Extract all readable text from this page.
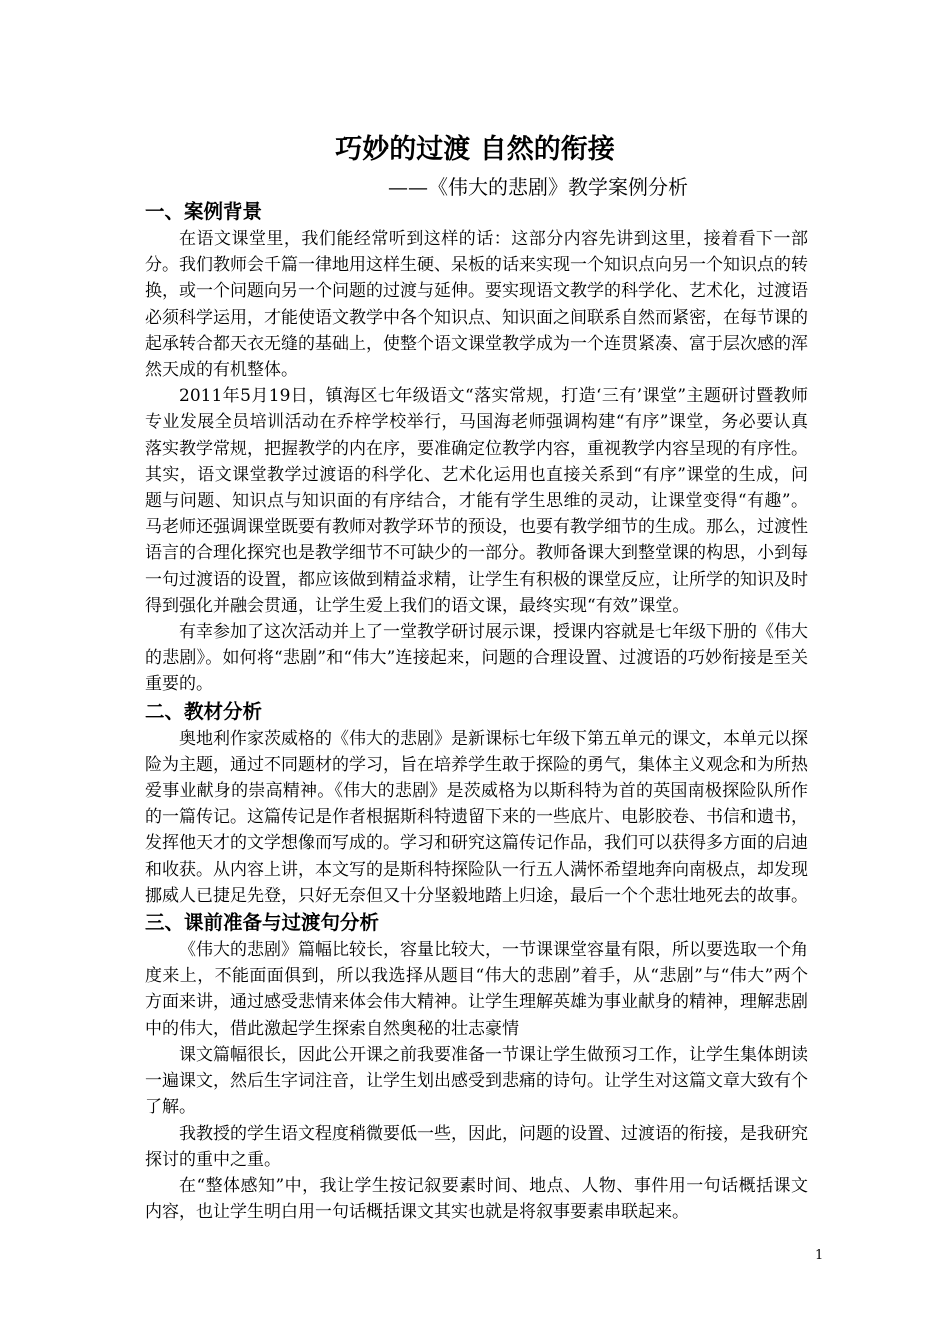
巧妙的过渡 自然的衔接

——《伟大的悲剧》教学案例分析

一、案例背景

在语文课堂里，我们能经常听到这样的话：这部分内容先讲到这里，接着看下一部分。我们教师会千篇一律地用这样生硬、呆板的话来实现一个知识点向另一个知识点的转换，或一个问题向另一个问题的过渡与延伸。要实现语文教学的科学化、艺术化，过渡语必须科学运用，才能使语文教学中各个知识点、知识面之间联系自然而紧密，在每节课的起承转合都天衣无缝的基础上，使整个语文课堂教学成为一个连贯紧凑、富于层次感的浑然天成的有机整体。

2011年5月19日，镇海区七年级语文“落实常规，打造‘三有’课堂”主题研讨暨教师专业发展全员培训活动在乔梓学校举行，马国海老师强调构建“有序”课堂，务必要认真落实教学常规，把握教学的内在序，要准确定位教学内容，重视教学内容呈现的有序性。其实，语文课堂教学过渡语的科学化、艺术化运用也直接关系到“有序”课堂的生成，问题与问题、知识点与知识面的有序结合，才能有学生思维的灵动，让课堂变得“有趣”。马老师还强调课堂既要有教师对教学环节的预设，也要有教学细节的生成。那么，过渡性语言的合理化探究也是教学细节不可缺少的一部分。教师备课大到整堂课的构思，小到每一句过渡语的设置，都应该做到精益求精，让学生有积极的课堂反应，让所学的知识及时得到强化并融会贯通，让学生爱上我们的语文课，最终实现“有效”课堂。

有幸参加了这次活动并上了一堂教学研讨展示课，授课内容就是七年级下册的《伟大的悲剧》。如何将“悲剧”和“伟大”连接起来，问题的合理设置、过渡语的巧妙衔接是至关重要的。

二、教材分析

奥地利作家茨威格的《伟大的悲剧》是新课标七年级下第五单元的课文，本单元以探险为主题，通过不同题材的学习，旨在培养学生敢于探险的勇气，集体主义观念和为所热爱事业献身的崇高精神。《伟大的悲剧》是茨威格为以斯科特为首的英国南极探险队所作的一篇传记。这篇传记是作者根据斯科特遗留下来的一些底片、电影胶卷、书信和遗书，发挥他天才的文学想像而写成的。学习和研究这篇传记作品，我们可以获得多方面的启迪和收获。从内容上讲，本文写的是斯科特探险队一行五人满怀希望地奔向南极点，却发现挪威人已捷足先登，只好无奈但又十分坚毅地踏上归途，最后一个个悲壮地死去的故事。

三、课前准备与过渡句分析

《伟大的悲剧》篇幅比较长，容量比较大，一节课课堂容量有限，所以要选取一个角度来上，不能面面俱到，所以我选择从题目“伟大的悲剧”着手，从“悲剧”与“伟大”两个方面来讲，通过感受悲情来体会伟大精神。让学生理解英雄为事业献身的精神，理解悲剧中的伟大，借此激起学生探索自然奥秘的壮志豪情

课文篇幅很长，因此公开课之前我要准备一节课让学生做预习工作，让学生集体朗读一遍课文，然后生字词注音，让学生划出感受到悲痛的诗句。让学生对这篇文章大致有个了解。

我教授的学生语文程度稍微要低一些，因此，问题的设置、过渡语的衔接，是我研究探讨的重中之重。

在“整体感知”中，我让学生按记叙要素时间、地点、人物、事件用一句话概括课文内容，也让学生明白用一句话概括课文其实也就是将叙事要素串联起来。

1
